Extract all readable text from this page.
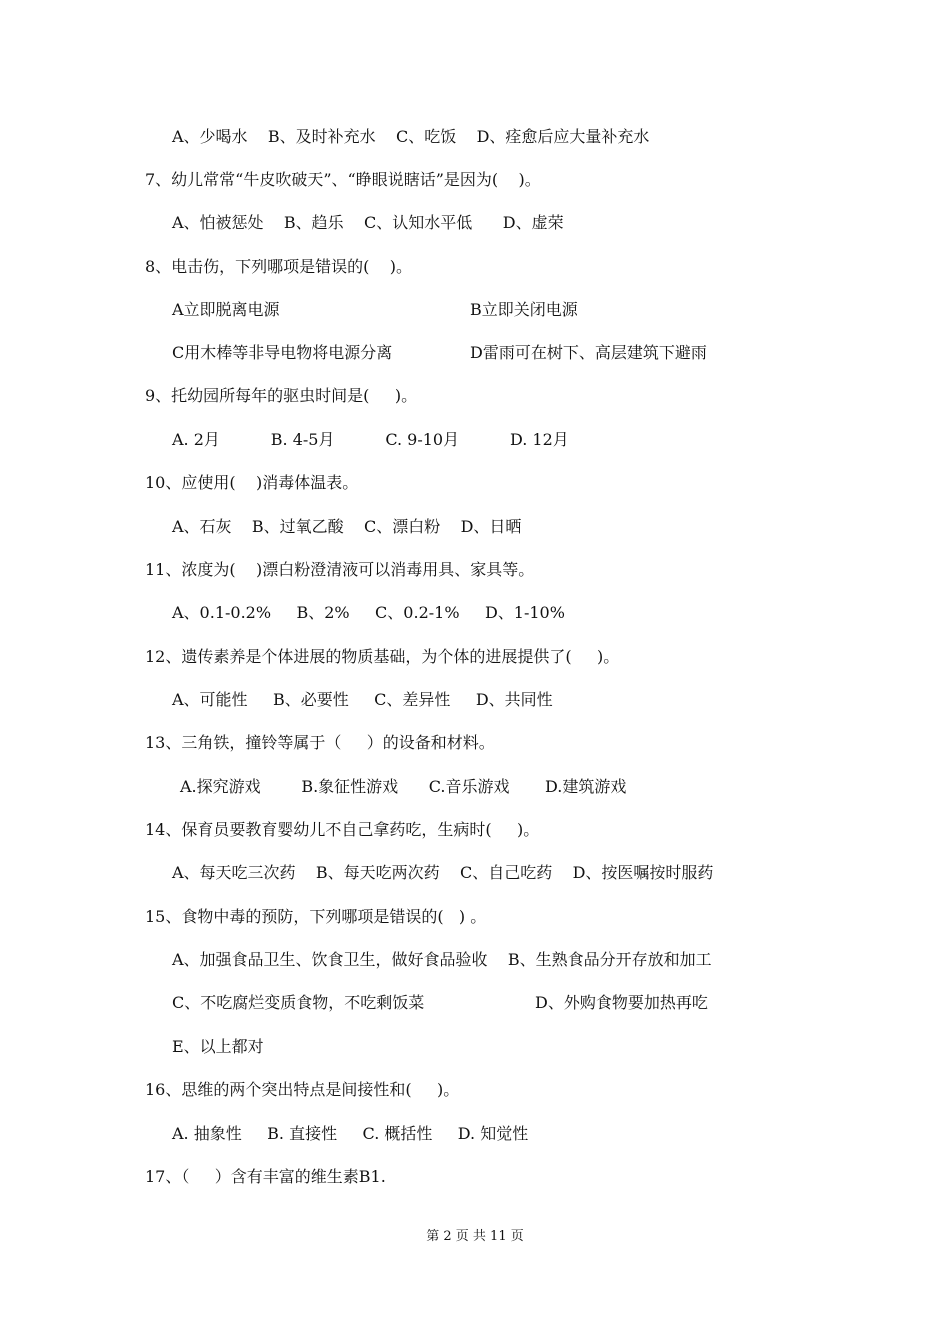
A、少喝水    B、及时补充水    C、吃饭    D、痊愈后应大量补充水
7、幼儿常常“牛皮吹破天”、“睁眼说瞎话”是因为(    )。
A、怕被惩处    B、趋乐    C、认知水平低      D、虚荣
8、电击伤，下列哪项是错误的(    )。
A立即脱离电源	B立即关闭电源
C用木棒等非导电物将电源分离	D雷雨可在树下、高层建筑下避雨
9、托幼园所每年的驱虫时间是(     )。
A. 2月          B. 4-5月          C. 9-10月          D. 12月
10、应使用(    )消毒体温表。
A、石灰    B、过氧乙酸    C、漂白粉    D、日晒
11、浓度为(    )漂白粉澄清液可以消毒用具、家具等。
A、0.1-0.2%     B、2%     C、0.2-1%     D、1-10%
12、遗传素养是个体进展的物质基础，为个体的进展提供了(     )。
A、可能性     B、必要性     C、差异性     D、共同性
13、三角铁，撞铃等属于（     ）的设备和材料。
A.探究游戏        B.象征性游戏      C.音乐游戏       D.建筑游戏
14、保育员要教育婴幼儿不自己拿药吃，生病时(     )。
A、每天吃三次药    B、每天吃两次药    C、自己吃药    D、按医嘱按时服药
15、食物中毒的预防，下列哪项是错误的(   ) 。
A、加强食品卫生、饮食卫生，做好食品验收    B、生熟食品分开存放和加工
C、不吃腐烂变质食物，不吃剩饭菜	D、外购食物要加热再吃
E、以上都对
16、思维的两个突出特点是间接性和(     )。
A. 抽象性     B. 直接性     C. 概括性     D. 知觉性
17、（     ）含有丰富的维生素B1.
第 2 页 共 11 页
